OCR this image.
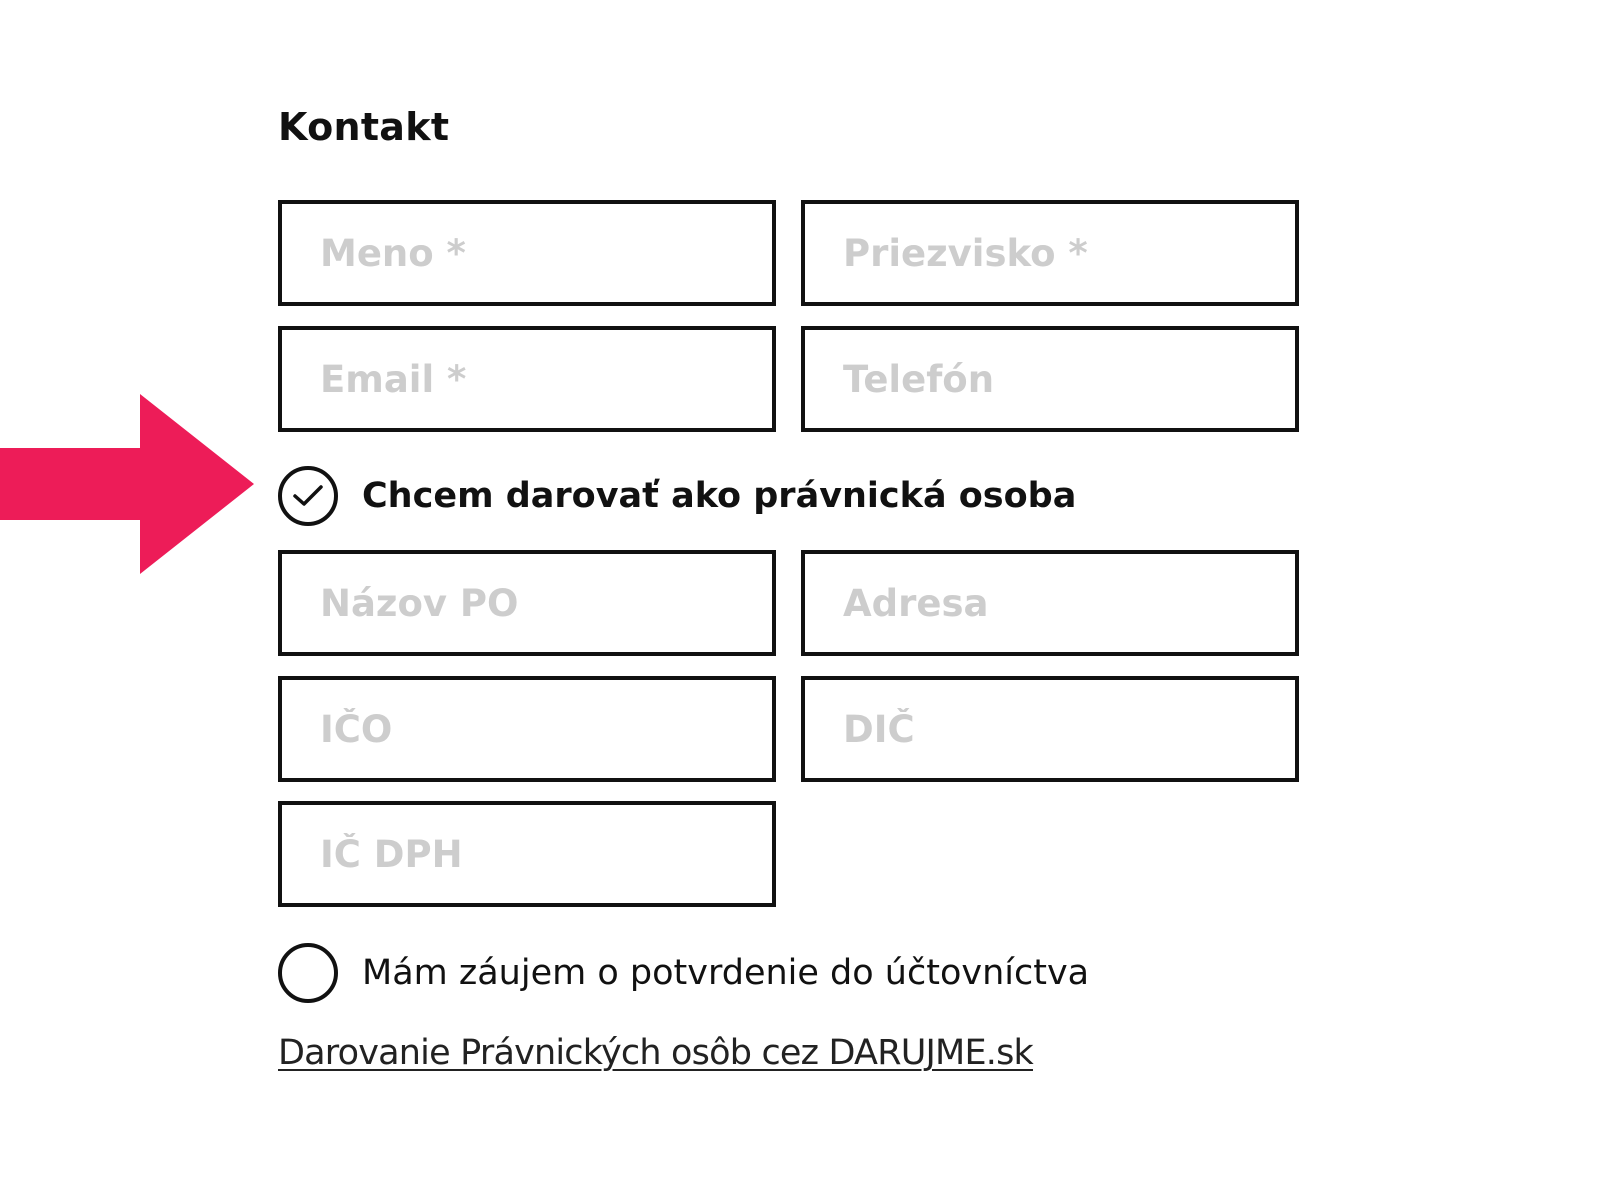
Kontakt
Meno *
Priezvisko *
Email *
Telefón
Chcem darovať ako právnická osoba
Názov PO
Adresa
IČO
DIČ
IČ DPH
Mám záujem o potvrdenie do účtovníctva
Darovanie Právnických osôb cez DARUJME.sk
